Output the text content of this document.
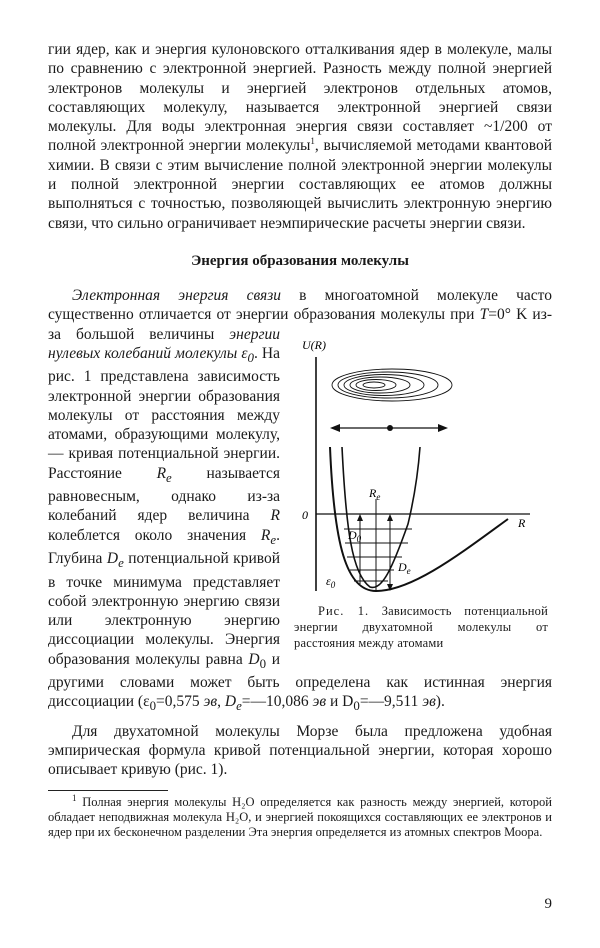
гии ядер, как и энергия кулоновского отталкивания ядер в молекуле, малы по сравнению с электронной энергией. Разность между полной энергией электронов молекулы и энергией электронов отдельных атомов, составляющих молекулу, называется электронной энергией связи молекулы. Для воды электронная энергия связи составляет ~1/200 от полной электронной энергии молекулы$^1$, вычисляемой методами квантовой химии. В связи с этим вычисление полной электронной энергии молекулы и полной электронной энергии составляющих ее атомов должны выполняться с точностью, позволяющей вычислить электронную энергию связи, что сильно ограничивает неэмпирические расчеты энергии связи.

Энергия образования молекулы

Электронная энергия связи в многоатомной молекуле часто существенно отличается от энергии образования молекулы при T=0° K из-за большой величины
U(R)
0
R
$R_e$
$D_0$
$D_e$
$\varepsilon_0$
Рис. 1. Зависимость потенциальной энергии двухатомной молекулы от расстояния между атомами
энергии нулевых колебаний молекулы $\varepsilon_0$. На рис. 1 представлена зависимость электронной энергии образования молекулы от расстояния между атомами, образующими молекулу, — кривая потенциальной энергии. Расстояние $R_e$ называется равновесным, однако из-за колебаний ядер величина R колеблется около значения $R_e$. Глубина $D_e$ потенциальной кривой в точке минимума представляет собой электронную энергию связи или электронную энергию диссоциации молекулы. Энергия образования молекулы равна $D_0$ и другими словами может быть определена как истинная энергия диссоциации ($\varepsilon_0=0,575$ эв, $D_e=—10,086$ эв и $D_0=—9,511$ эв).

Для двухатомной молекулы Морзе была предложена удобная эмпирическая формула кривой потенциальной энергии, которая хорошо описывает кривую (рис. 1).

$^1$ Полная энергия молекулы H₂O определяется как разность между энергией, которой обладает неподвижная молекула H₂O, и энергией покоящихся составляющих ее электронов и ядер при их бесконечном разделении Эта энергия определяется из атомных спектров Моора.

9
